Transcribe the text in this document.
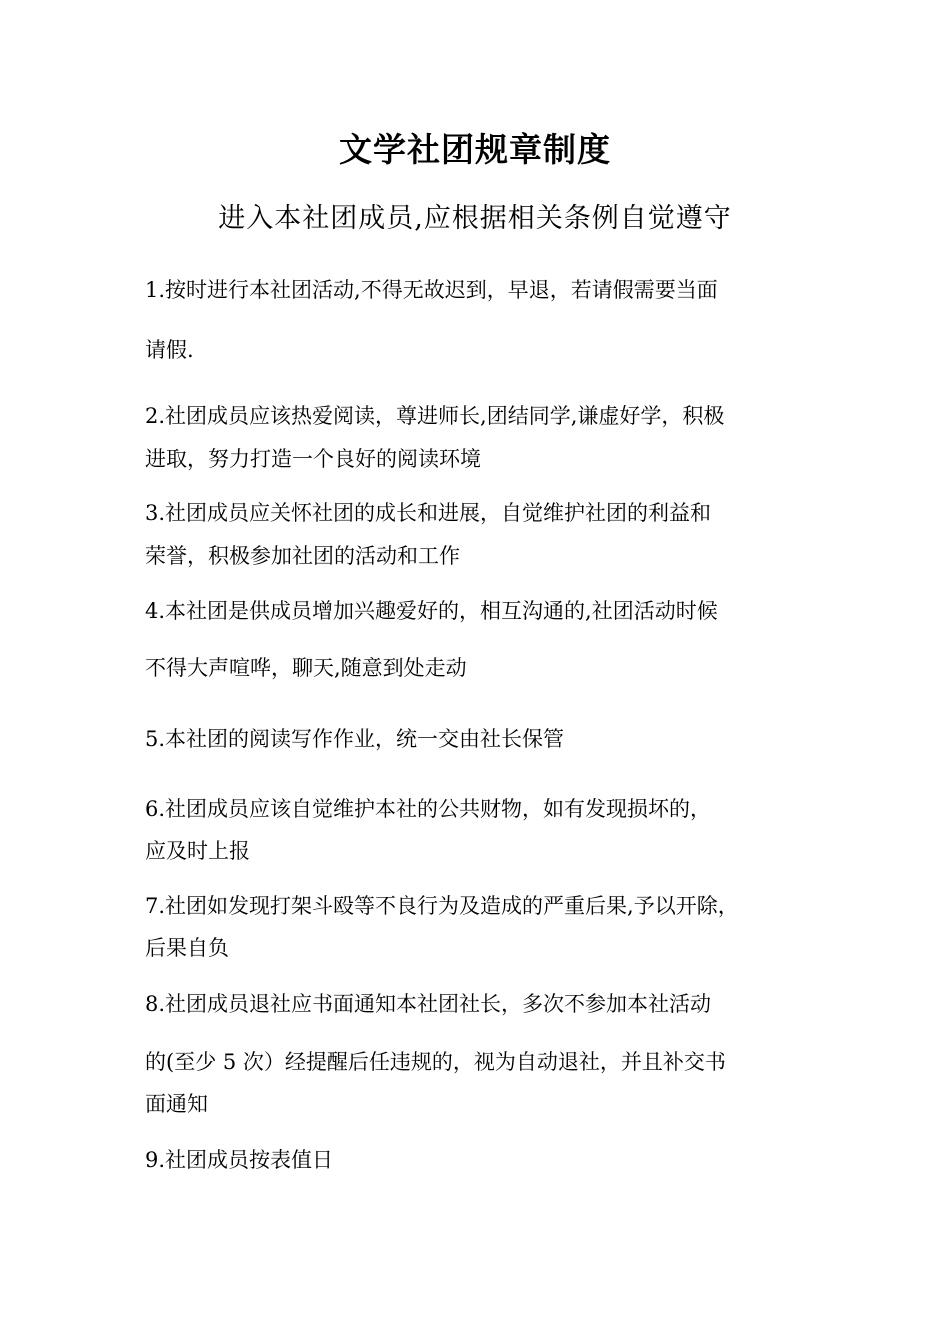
文学社团规章制度
进入本社团成员,应根据相关条例自觉遵守
1.按时进行本社团活动,不得无故迟到，早退，若请假需要当面
请假.
2.社团成员应该热爱阅读，尊进师长,团结同学,谦虚好学，积极
进取，努力打造一个良好的阅读环境
3.社团成员应关怀社团的成长和进展，自觉维护社团的利益和
荣誉，积极参加社团的活动和工作
4.本社团是供成员增加兴趣爱好的，相互沟通的,社团活动时候
不得大声喧哗，聊天,随意到处走动
5.本社团的阅读写作作业，统一交由社长保管
6.社团成员应该自觉维护本社的公共财物，如有发现损坏的，
应及时上报
7.社团如发现打架斗殴等不良行为及造成的严重后果,予以开除，
后果自负
8.社团成员退社应书面通知本社团社长，多次不参加本社活动
的(至少 5 次）经提醒后任违规的，视为自动退社，并且补交书
面通知
9.社团成员按表值日
